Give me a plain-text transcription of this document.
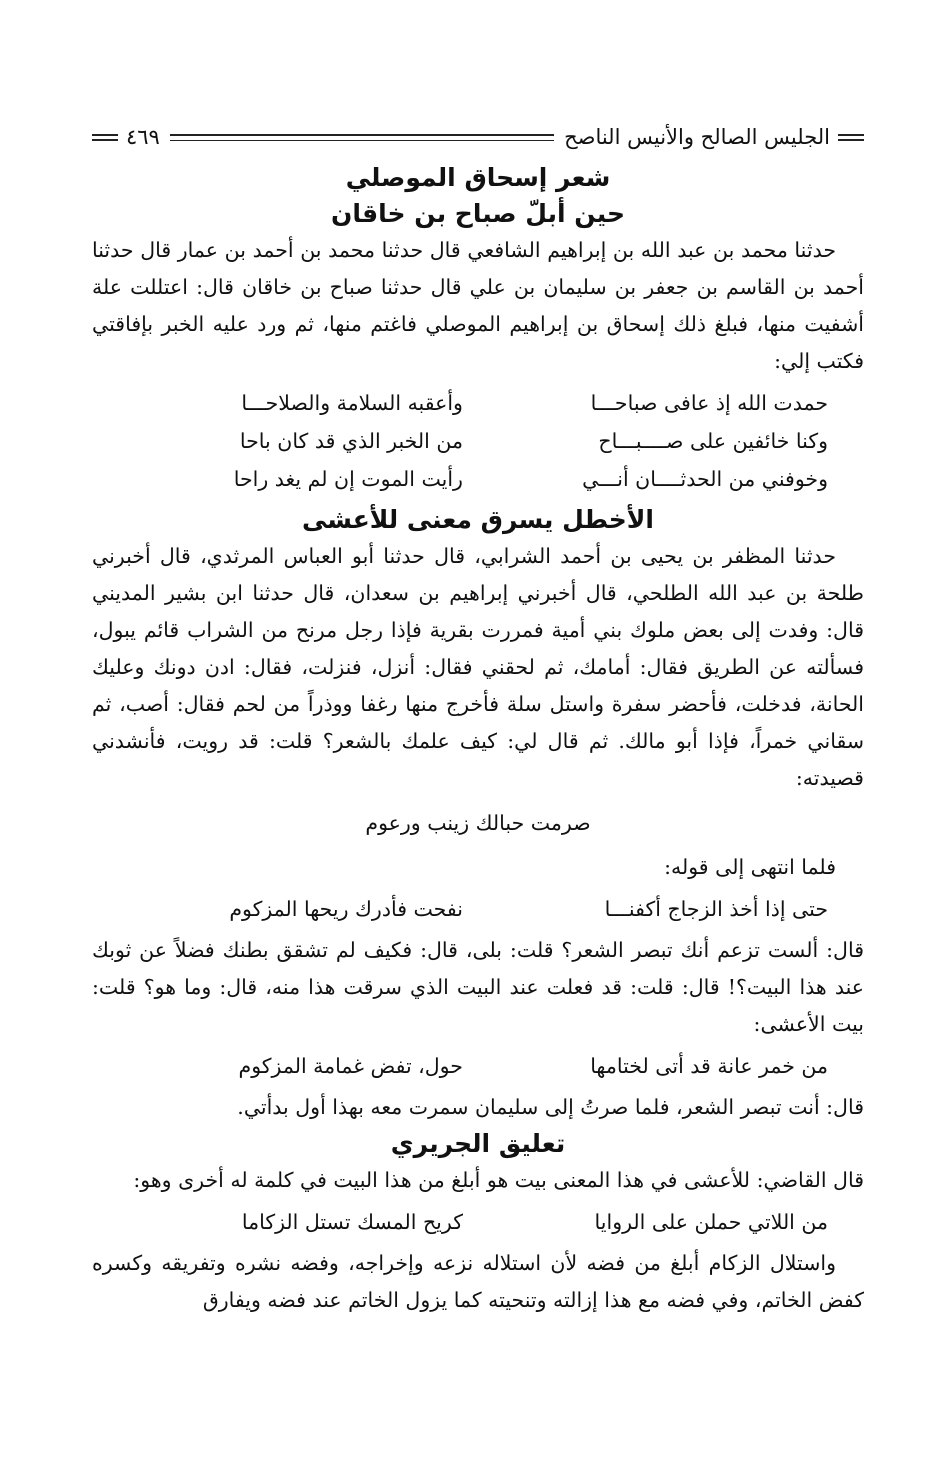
الجليس الصالح والأنيس الناصح
٤٦٩
شعر إسحاق الموصلي
حين أبلّ صباح بن خاقان

حدثنا محمد بن عبد الله بن إبراهيم الشافعي قال حدثنا محمد بن أحمد بن عمار قال حدثنا أحمد بن القاسم بن جعفر بن سليمان بن علي قال حدثنا صباح بن خاقان قال: اعتللت علة أشفيت منها، فبلغ ذلك إسحاق بن إبراهيم الموصلي فاغتم منها، ثم ورد عليه الخبر بإفاقتي فكتب إلي:

حمدت الله إذ عافى صباحـــا
وأعقبه السلامة والصلاحـــا
وكنا خائفين على صــــبـــاح
من الخبر الذي قد كان باحا
وخوفني من الحدثــــان أنـــي
رأيت الموت إن لم يغد راحا
الأخطل يسرق معنى للأعشى

حدثنا المظفر بن يحيى بن أحمد الشرابي، قال حدثنا أبو العباس المرثدي، قال أخبرني طلحة بن عبد الله الطلحي، قال أخبرني إبراهيم بن سعدان، قال حدثنا ابن بشير المديني قال: وفدت إلى بعض ملوك بني أمية فمررت بقرية فإذا رجل مرنح من الشراب قائم يبول، فسألته عن الطريق فقال: أمامك، ثم لحقني فقال: أنزل، فنزلت، فقال: ادن دونك وعليك الحانة، فدخلت، فأحضر سفرة واستل سلة فأخرج منها رغفا ووذراً من لحم فقال: أصب، ثم سقاني خمراً، فإذا أبو مالك. ثم قال لي: كيف علمك بالشعر؟ قلت: قد رويت، فأنشدني قصيدته:

صرمت حبالك زينب ورعوم

فلما انتهى إلى قوله:

حتى إذا أخذ الزجاج أكفنـــا
نفحت فأدرك ريحها المزكوم

قال: ألست تزعم أنك تبصر الشعر؟ قلت: بلى، قال: فكيف لم تشقق بطنك فضلاً عن ثوبك عند هذا البيت؟! قال: قلت: قد فعلت عند البيت الذي سرقت هذا منه، قال: وما هو؟ قلت: بيت الأعشى:

من خمر عانة قد أتى لختامها
حول، تفض غمامة المزكوم

قال: أنت تبصر الشعر، فلما صرتُ إلى سليمان سمرت معه بهذا أول بدأتي.

تعليق الجريري

قال القاضي: للأعشى في هذا المعنى بيت هو أبلغ من هذا البيت في كلمة له أخرى وهو:

من اللاتي حملن على الروايا
كريح المسك تستل الزكاما

واستلال الزكام أبلغ من فضه لأن استلاله نزعه وإخراجه، وفضه نشره وتفريقه وكسره كفض الخاتم، وفي فضه مع هذا إزالته وتنحيته كما يزول الخاتم عند فضه ويفارق
